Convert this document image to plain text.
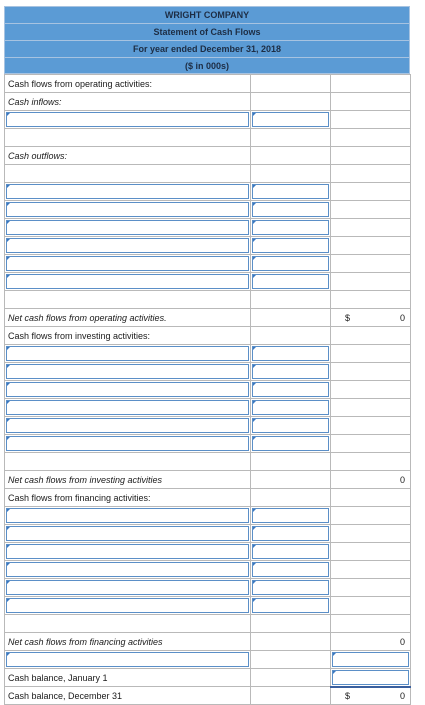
WRIGHT COMPANY
Statement of Cash Flows
For year ended December 31, 2018
($ in 000s)
Cash flows from operating activities:		

Cash inflows:		

Cash outflows:		

Net cash flows from operating activities.		$ 0

Cash flows from investing activities:		

Net cash flows from investing activities		0

Cash flows from financing activities:		

Net cash flows from financing activities		0

Cash balance, January 1		

Cash balance, December 31		$ 0
